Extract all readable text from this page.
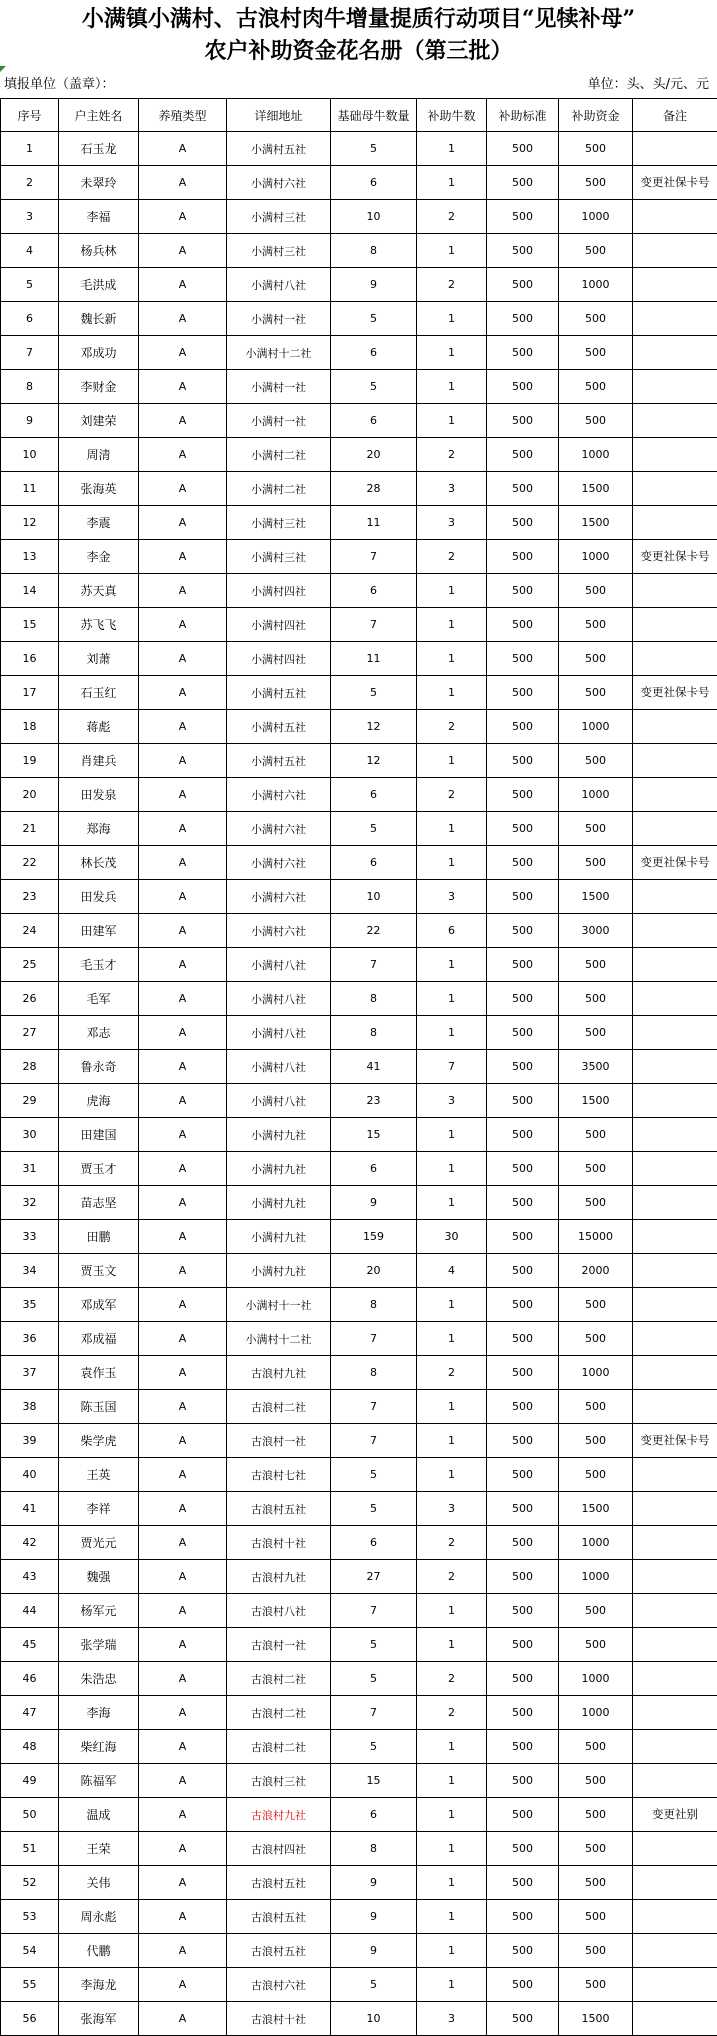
小满镇小满村、古浪村肉牛增量提质行动项目“见犊补母”
农户补助资金花名册（第三批）
填报单位（盖章）：	单位：头、头/元、元
序号	户主姓名	养殖类型	详细地址	基础母牛数量	补助牛数	补助标准	补助资金	备注
1	石玉龙	A	小满村五社	5	1	500	500	
2	未翠玲	A	小满村六社	6	1	500	500	变更社保卡号
3	李福	A	小满村三社	10	2	500	1000	
4	杨兵林	A	小满村三社	8	1	500	500	
5	毛洪成	A	小满村八社	9	2	500	1000	
6	魏长新	A	小满村一社	5	1	500	500	
7	邓成功	A	小满村十二社	6	1	500	500	
8	李财金	A	小满村一社	5	1	500	500	
9	刘建荣	A	小满村一社	6	1	500	500	
10	周清	A	小满村二社	20	2	500	1000	
11	张海英	A	小满村二社	28	3	500	1500	
12	李震	A	小满村三社	11	3	500	1500	
13	李金	A	小满村三社	7	2	500	1000	变更社保卡号
14	苏天真	A	小满村四社	6	1	500	500	
15	苏飞飞	A	小满村四社	7	1	500	500	
16	刘萧	A	小满村四社	11	1	500	500	
17	石玉红	A	小满村五社	5	1	500	500	变更社保卡号
18	蒋彪	A	小满村五社	12	2	500	1000	
19	肖建兵	A	小满村五社	12	1	500	500	
20	田发泉	A	小满村六社	6	2	500	1000	
21	郑海	A	小满村六社	5	1	500	500	
22	林长茂	A	小满村六社	6	1	500	500	变更社保卡号
23	田发兵	A	小满村六社	10	3	500	1500	
24	田建军	A	小满村六社	22	6	500	3000	
25	毛玉才	A	小满村八社	7	1	500	500	
26	毛军	A	小满村八社	8	1	500	500	
27	邓志	A	小满村八社	8	1	500	500	
28	鲁永奇	A	小满村八社	41	7	500	3500	
29	虎海	A	小满村八社	23	3	500	1500	
30	田建国	A	小满村九社	15	1	500	500	
31	贾玉才	A	小满村九社	6	1	500	500	
32	苗志坚	A	小满村九社	9	1	500	500	
33	田鹏	A	小满村九社	159	30	500	15000	
34	贾玉文	A	小满村九社	20	4	500	2000	
35	邓成军	A	小满村十一社	8	1	500	500	
36	邓成福	A	小满村十二社	7	1	500	500	
37	袁作玉	A	古浪村九社	8	2	500	1000	
38	陈玉国	A	古浪村二社	7	1	500	500	
39	柴学虎	A	古浪村一社	7	1	500	500	变更社保卡号
40	王英	A	古浪村七社	5	1	500	500	
41	李祥	A	古浪村五社	5	3	500	1500	
42	贾光元	A	古浪村十社	6	2	500	1000	
43	魏强	A	古浪村九社	27	2	500	1000	
44	杨军元	A	古浪村八社	7	1	500	500	
45	张学瑞	A	古浪村一社	5	1	500	500	
46	朱浩忠	A	古浪村二社	5	2	500	1000	
47	李海	A	古浪村二社	7	2	500	1000	
48	柴红海	A	古浪村二社	5	1	500	500	
49	陈福军	A	古浪村三社	15	1	500	500	
50	温成	A	古浪村九社	6	1	500	500	变更社别
51	王荣	A	古浪村四社	8	1	500	500	
52	关伟	A	古浪村五社	9	1	500	500	
53	周永彪	A	古浪村五社	9	1	500	500	
54	代鹏	A	古浪村五社	9	1	500	500	
55	李海龙	A	古浪村六社	5	1	500	500	
56	张海军	A	古浪村十社	10	3	500	1500	
